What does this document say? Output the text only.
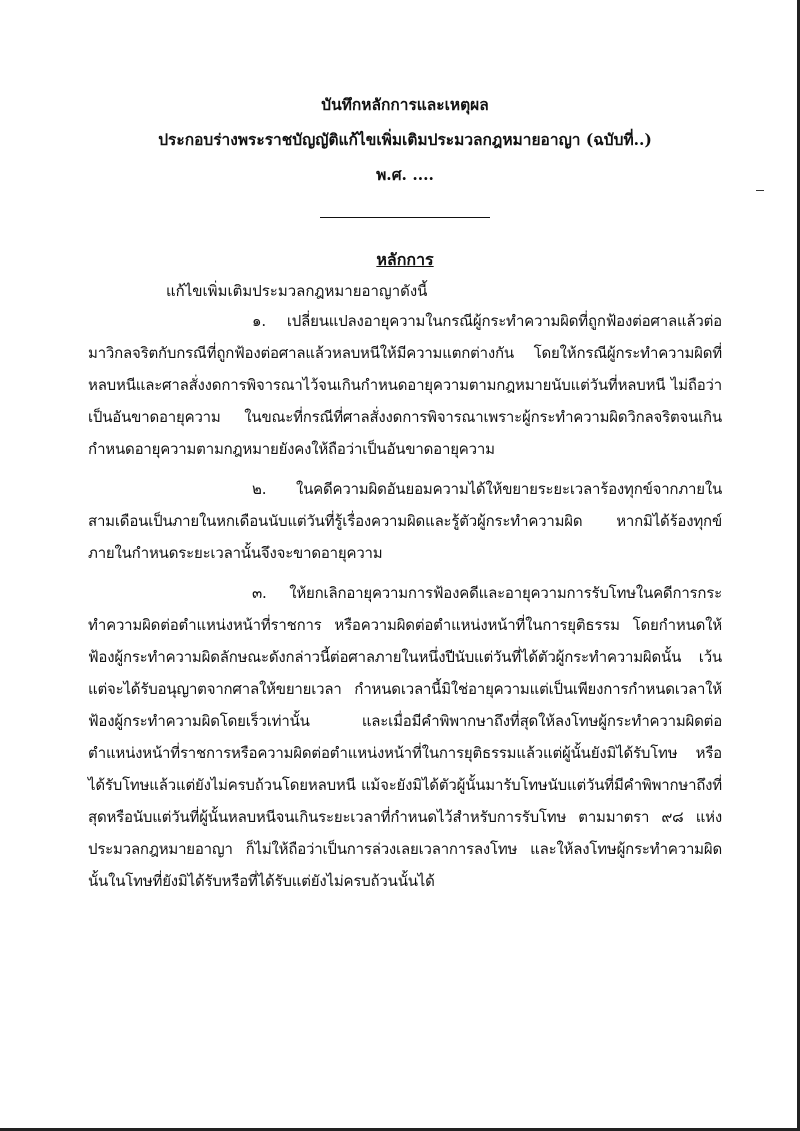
บันทึกหลักการและเหตุผล
ประกอบร่างพระราชบัญญัติแก้ไขเพิ่มเติมประมวลกฎหมายอาญา (ฉบับที่..)
พ.ศ. ....
หลักการ
แก้ไขเพิ่มเติมประมวลกฎหมายอาญาดังนี้

๑. เปลี่ยนแปลงอายุความในกรณีผู้กระทำความผิดที่ถูกฟ้องต่อศาลแล้วต่อมาวิกลจริตกับกรณีที่ถูกฟ้องต่อศาลแล้วหลบหนีให้มีความแตกต่างกัน โดยให้กรณีผู้กระทำความผิดที่หลบหนีและศาลสั่งงดการพิจารณาไว้จนเกินกำหนดอายุความตามกฎหมายนับแต่วันที่หลบหนี ไม่ถือว่าเป็นอันขาดอายุความ ในขณะที่กรณีที่ศาลสั่งงดการพิจารณาเพราะผู้กระทำความผิดวิกลจริตจนเกินกำหนดอายุความตามกฎหมายยังคงให้ถือว่าเป็นอันขาดอายุความ

๒. ในคดีความผิดอันยอมความได้ให้ขยายระยะเวลาร้องทุกข์จากภายในสามเดือนเป็นภายในหกเดือนนับแต่วันที่รู้เรื่องความผิดและรู้ตัวผู้กระทำความผิด หากมิได้ร้องทุกข์ภายในกำหนดระยะเวลานั้นจึงจะขาดอายุความ

๓. ให้ยกเลิกอายุความการฟ้องคดีและอายุความการรับโทษในคดีการกระทำความผิดต่อตำแหน่งหน้าที่ราชการ หรือความผิดต่อตำแหน่งหน้าที่ในการยุติธรรม โดยกำหนดให้ฟ้องผู้กระทำความผิดลักษณะดังกล่าวนี้ต่อศาลภายในหนึ่งปีนับแต่วันที่ได้ตัวผู้กระทำความผิดนั้น เว้นแต่จะได้รับอนุญาตจากศาลให้ขยายเวลา กำหนดเวลานี้มิใช่อายุความแต่เป็นเพียงการกำหนดเวลาให้ฟ้องผู้กระทำความผิดโดยเร็วเท่านั้น และเมื่อมีคำพิพากษาถึงที่สุดให้ลงโทษผู้กระทำความผิดต่อตำแหน่งหน้าที่ราชการหรือความผิดต่อตำแหน่งหน้าที่ในการยุติธรรมแล้วแต่ผู้นั้นยังมิได้รับโทษ หรือได้รับโทษแล้วแต่ยังไม่ครบถ้วนโดยหลบหนี แม้จะยังมิได้ตัวผู้นั้นมารับโทษนับแต่วันที่มีคำพิพากษาถึงที่สุดหรือนับแต่วันที่ผู้นั้นหลบหนีจนเกินระยะเวลาที่กำหนดไว้สำหรับการรับโทษ ตามมาตรา ๙๘ แห่งประมวลกฎหมายอาญา ก็ไม่ให้ถือว่าเป็นการล่วงเลยเวลาการลงโทษ และให้ลงโทษผู้กระทำความผิดนั้นในโทษที่ยังมิได้รับหรือที่ได้รับแต่ยังไม่ครบถ้วนนั้นได้
